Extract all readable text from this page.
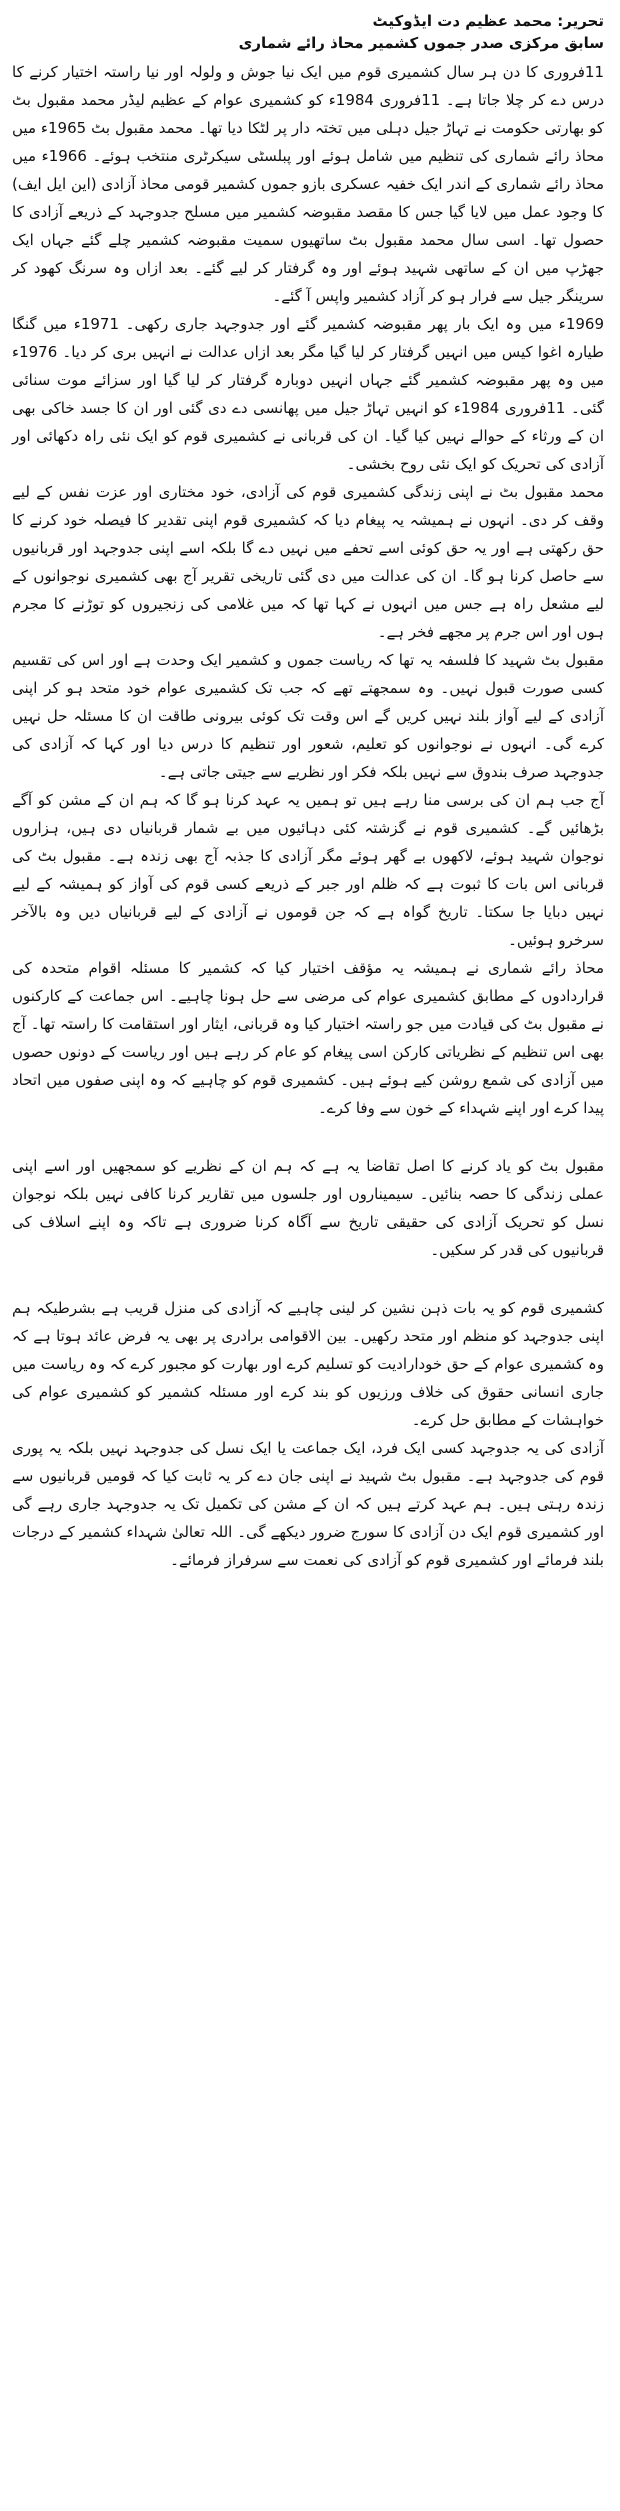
تحریر: محمد عظیم دت ایڈوکیٹ

سابق مرکزی صدر جموں کشمیر محاذ رائے شماری

11فروری کا دن ہر سال کشمیری قوم میں ایک نیا جوش و ولولہ اور نیا راستہ اختیار کرنے کا درس دے کر چلا جاتا ہے۔ 11فروری 1984ء کو کشمیری عوام کے عظیم لیڈر محمد مقبول بٹ کو بھارتی حکومت نے تہاڑ جیل دہلی میں تختہ دار پر لٹکا دیا تھا۔ محمد مقبول بٹ 1965ء میں محاذ رائے شماری کی تنظیم میں شامل ہوئے اور پبلسٹی سیکرٹری منتخب ہوئے۔ 1966ء میں محاذ رائے شماری کے اندر ایک خفیہ عسکری بازو جموں کشمیر قومی محاذ آزادی (این ایل ایف) کا وجود عمل میں لایا گیا جس کا مقصد مقبوضہ کشمیر میں مسلح جدوجہد کے ذریعے آزادی کا حصول تھا۔ اسی سال محمد مقبول بٹ ساتھیوں سمیت مقبوضہ کشمیر چلے گئے جہاں ایک جھڑپ میں ان کے ساتھی شہید ہوئے اور وہ گرفتار کر لیے گئے۔ بعد ازاں وہ سرنگ کھود کر سرینگر جیل سے فرار ہو کر آزاد کشمیر واپس آ گئے۔

1969ء میں وہ ایک بار پھر مقبوضہ کشمیر گئے اور جدوجہد جاری رکھی۔ 1971ء میں گنگا طیارہ اغوا کیس میں انہیں گرفتار کر لیا گیا مگر بعد ازاں عدالت نے انہیں بری کر دیا۔ 1976ء میں وہ پھر مقبوضہ کشمیر گئے جہاں انہیں دوبارہ گرفتار کر لیا گیا اور سزائے موت سنائی گئی۔ 11فروری 1984ء کو انہیں تہاڑ جیل میں پھانسی دے دی گئی اور ان کا جسد خاکی بھی ان کے ورثاء کے حوالے نہیں کیا گیا۔ ان کی قربانی نے کشمیری قوم کو ایک نئی راہ دکھائی اور آزادی کی تحریک کو ایک نئی روح بخشی۔

محمد مقبول بٹ نے اپنی زندگی کشمیری قوم کی آزادی، خود مختاری اور عزت نفس کے لیے وقف کر دی۔ انہوں نے ہمیشہ یہ پیغام دیا کہ کشمیری قوم اپنی تقدیر کا فیصلہ خود کرنے کا حق رکھتی ہے اور یہ حق کوئی اسے تحفے میں نہیں دے گا بلکہ اسے اپنی جدوجہد اور قربانیوں سے حاصل کرنا ہو گا۔ ان کی عدالت میں دی گئی تاریخی تقریر آج بھی کشمیری نوجوانوں کے لیے مشعل راہ ہے جس میں انہوں نے کہا تھا کہ میں غلامی کی زنجیروں کو توڑنے کا مجرم ہوں اور اس جرم پر مجھے فخر ہے۔

مقبول بٹ شہید کا فلسفہ یہ تھا کہ ریاست جموں و کشمیر ایک وحدت ہے اور اس کی تقسیم کسی صورت قبول نہیں۔ وہ سمجھتے تھے کہ جب تک کشمیری عوام خود متحد ہو کر اپنی آزادی کے لیے آواز بلند نہیں کریں گے اس وقت تک کوئی بیرونی طاقت ان کا مسئلہ حل نہیں کرے گی۔ انہوں نے نوجوانوں کو تعلیم، شعور اور تنظیم کا درس دیا اور کہا کہ آزادی کی جدوجہد صرف بندوق سے نہیں بلکہ فکر اور نظریے سے جیتی جاتی ہے۔

آج جب ہم ان کی برسی منا رہے ہیں تو ہمیں یہ عہد کرنا ہو گا کہ ہم ان کے مشن کو آگے بڑھائیں گے۔ کشمیری قوم نے گزشتہ کئی دہائیوں میں بے شمار قربانیاں دی ہیں، ہزاروں نوجوان شہید ہوئے، لاکھوں بے گھر ہوئے مگر آزادی کا جذبہ آج بھی زندہ ہے۔ مقبول بٹ کی قربانی اس بات کا ثبوت ہے کہ ظلم اور جبر کے ذریعے کسی قوم کی آواز کو ہمیشہ کے لیے نہیں دبایا جا سکتا۔ تاریخ گواہ ہے کہ جن قوموں نے آزادی کے لیے قربانیاں دیں وہ بالآخر سرخرو ہوئیں۔

محاذ رائے شماری نے ہمیشہ یہ مؤقف اختیار کیا کہ کشمیر کا مسئلہ اقوام متحدہ کی قراردادوں کے مطابق کشمیری عوام کی مرضی سے حل ہونا چاہیے۔ اس جماعت کے کارکنوں نے مقبول بٹ کی قیادت میں جو راستہ اختیار کیا وہ قربانی، ایثار اور استقامت کا راستہ تھا۔ آج بھی اس تنظیم کے نظریاتی کارکن اسی پیغام کو عام کر رہے ہیں اور ریاست کے دونوں حصوں میں آزادی کی شمع روشن کیے ہوئے ہیں۔ کشمیری قوم کو چاہیے کہ وہ اپنی صفوں میں اتحاد پیدا کرے اور اپنے شہداء کے خون سے وفا کرے۔

مقبول بٹ کو یاد کرنے کا اصل تقاضا یہ ہے کہ ہم ان کے نظریے کو سمجھیں اور اسے اپنی عملی زندگی کا حصہ بنائیں۔ سیمیناروں اور جلسوں میں تقاریر کرنا کافی نہیں بلکہ نوجوان نسل کو تحریک آزادی کی حقیقی تاریخ سے آگاہ کرنا ضروری ہے تاکہ وہ اپنے اسلاف کی قربانیوں کی قدر کر سکیں۔

کشمیری قوم کو یہ بات ذہن نشین کر لینی چاہیے کہ آزادی کی منزل قریب ہے بشرطیکہ ہم اپنی جدوجہد کو منظم اور متحد رکھیں۔ بین الاقوامی برادری پر بھی یہ فرض عائد ہوتا ہے کہ وہ کشمیری عوام کے حق خودارادیت کو تسلیم کرے اور بھارت کو مجبور کرے کہ وہ ریاست میں جاری انسانی حقوق کی خلاف ورزیوں کو بند کرے اور مسئلہ کشمیر کو کشمیری عوام کی خواہشات کے مطابق حل کرے۔

آزادی کی یہ جدوجہد کسی ایک فرد، ایک جماعت یا ایک نسل کی جدوجہد نہیں بلکہ یہ پوری قوم کی جدوجہد ہے۔ مقبول بٹ شہید نے اپنی جان دے کر یہ ثابت کیا کہ قومیں قربانیوں سے زندہ رہتی ہیں۔ ہم عہد کرتے ہیں کہ ان کے مشن کی تکمیل تک یہ جدوجہد جاری رہے گی اور کشمیری قوم ایک دن آزادی کا سورج ضرور دیکھے گی۔ اللہ تعالیٰ شہداء کشمیر کے درجات بلند فرمائے اور کشمیری قوم کو آزادی کی نعمت سے سرفراز فرمائے۔
